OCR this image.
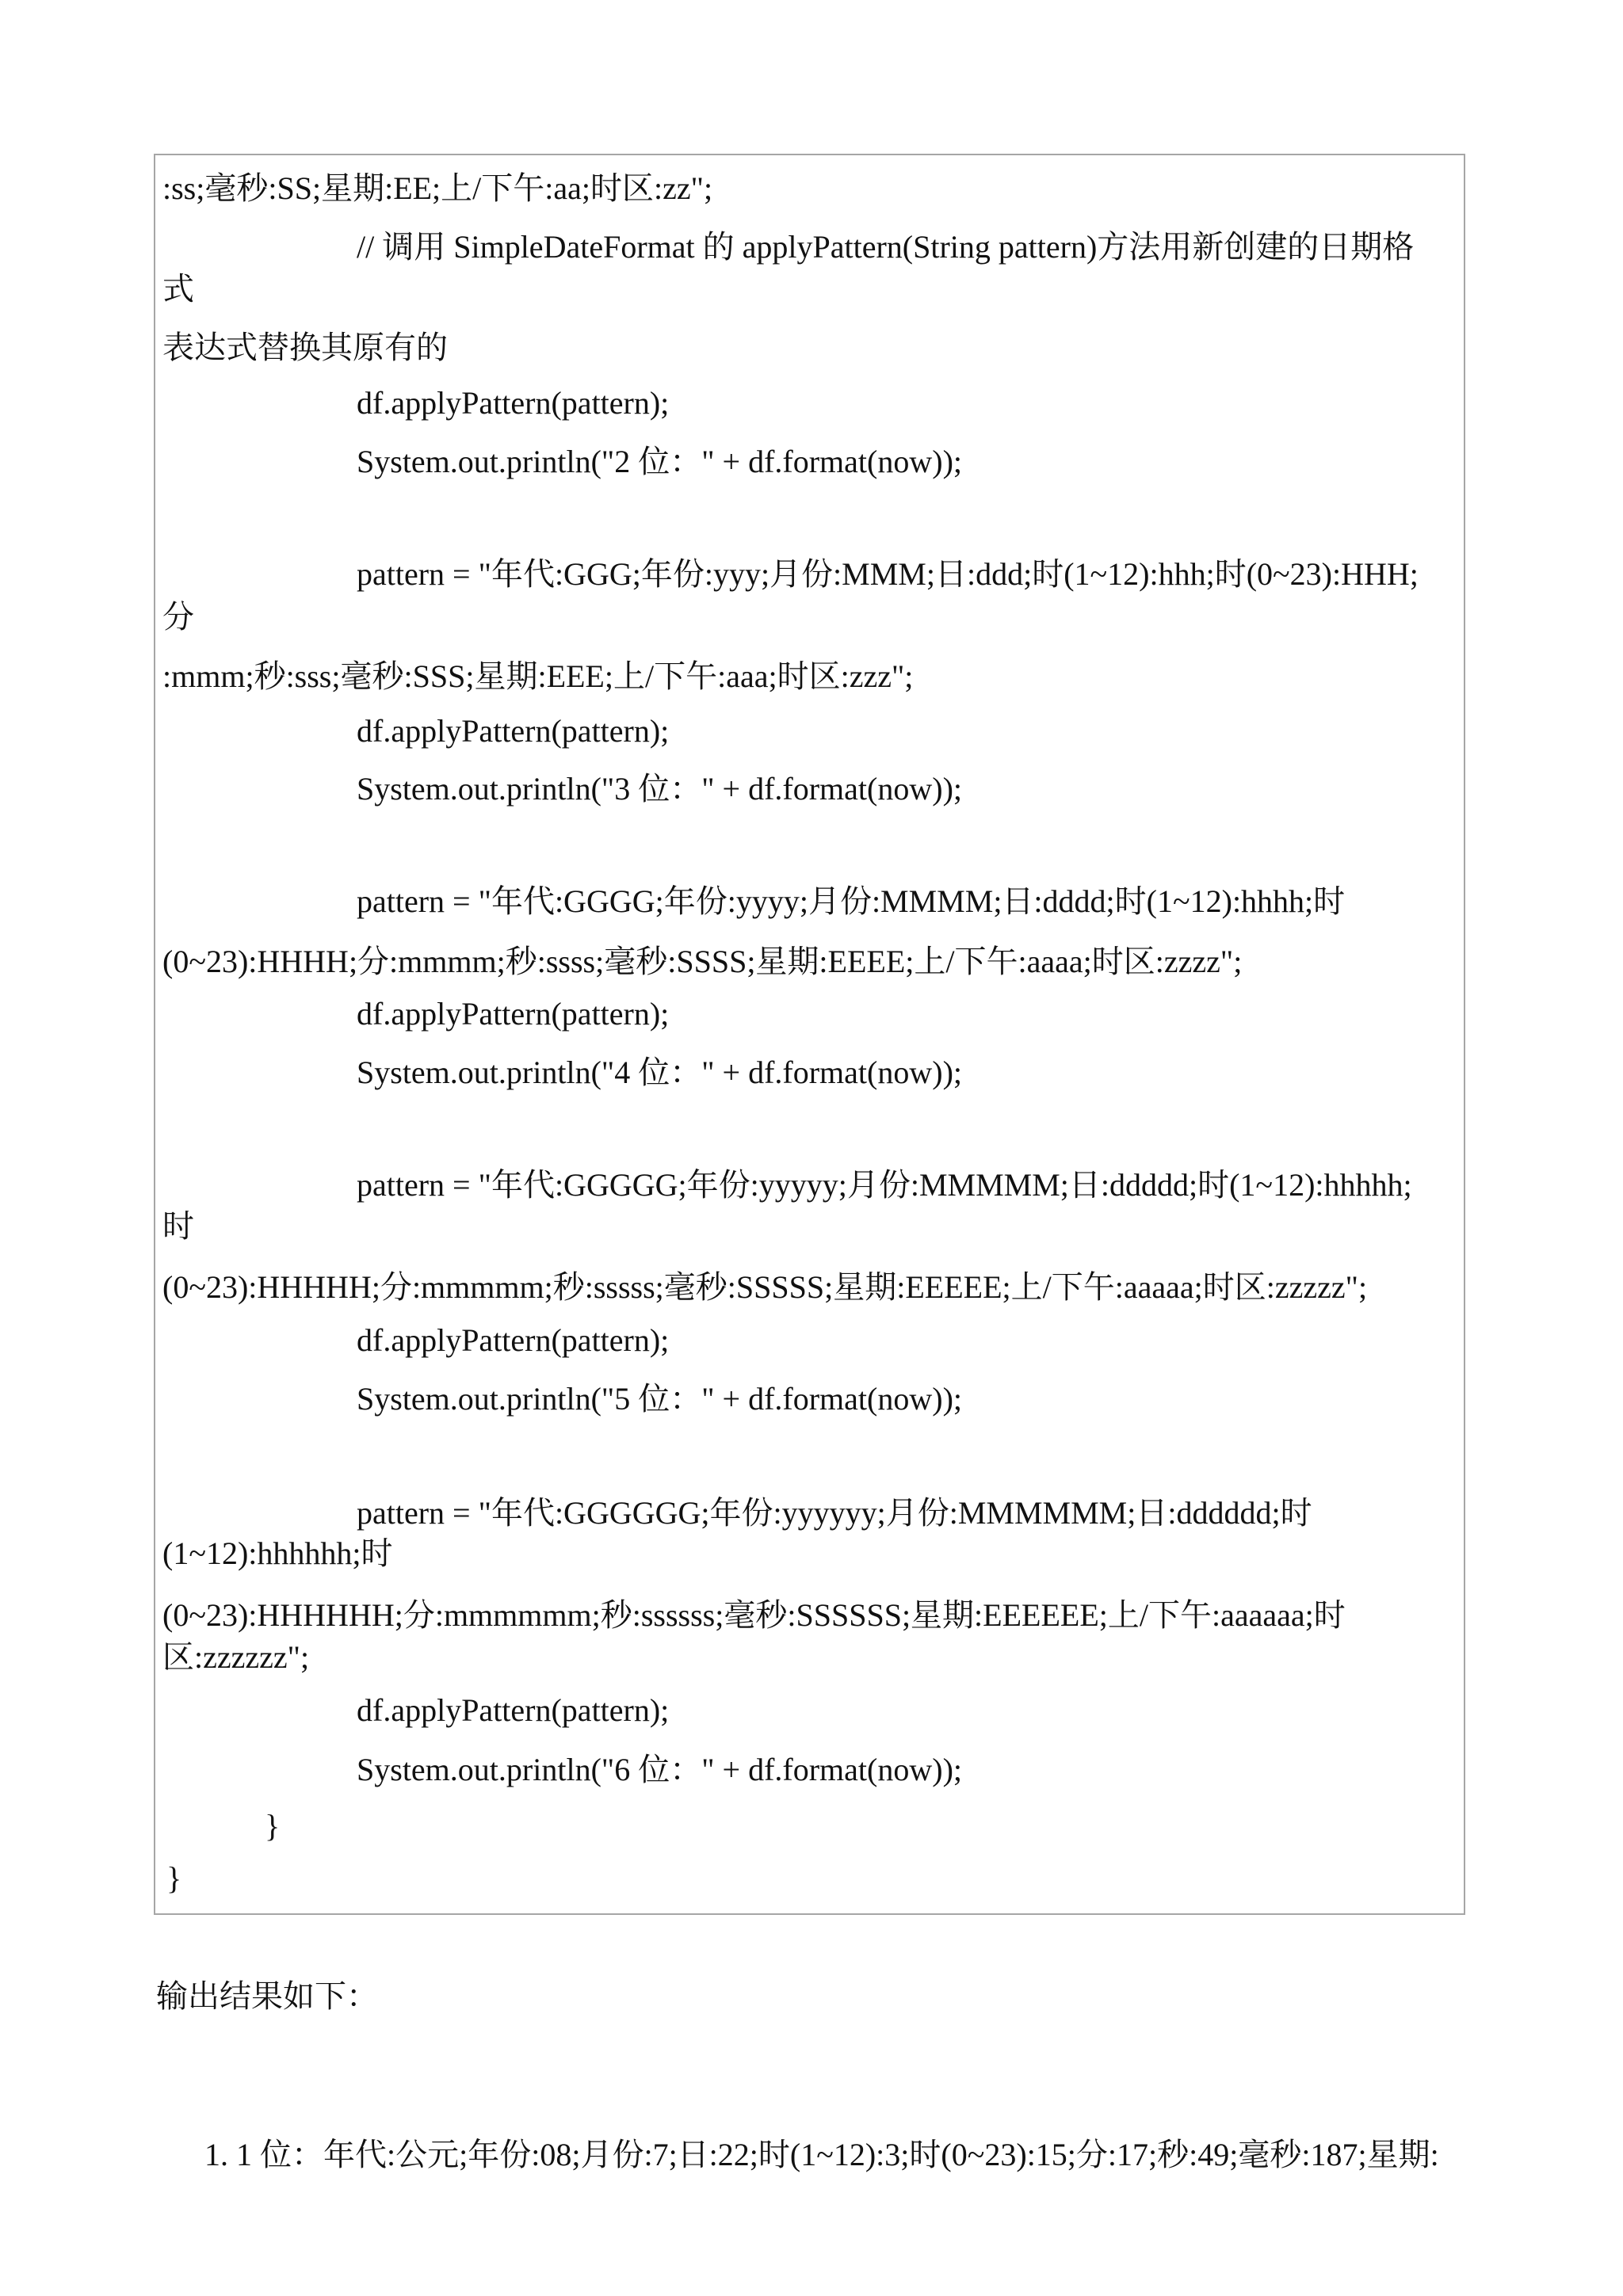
:ss;毫秒:SS;星期:EE;上/下午:aa;时区:zz";
// 调用 SimpleDateFormat 的 applyPattern(String pattern)方法用新创建的日期格
式
表达式替换其原有的
df.applyPattern(pattern);
System.out.println("2 位：" + df.format(now));
pattern = "年代:GGG;年份:yyy;月份:MMM;日:ddd;时(1~12):hhh;时(0~23):HHH;
分
:mmm;秒:sss;毫秒:SSS;星期:EEE;上/下午:aaa;时区:zzz";
df.applyPattern(pattern);
System.out.println("3 位：" + df.format(now));
pattern = "年代:GGGG;年份:yyyy;月份:MMMM;日:dddd;时(1~12):hhhh;时
(0~23):HHHH;分:mmmm;秒:ssss;毫秒:SSSS;星期:EEEE;上/下午:aaaa;时区:zzzz";
df.applyPattern(pattern);
System.out.println("4 位：" + df.format(now));
pattern = "年代:GGGGG;年份:yyyyy;月份:MMMMM;日:ddddd;时(1~12):hhhhh;
时
(0~23):HHHHH;分:mmmmm;秒:sssss;毫秒:SSSSS;星期:EEEEE;上/下午:aaaaa;时区:zzzzz";
df.applyPattern(pattern);
System.out.println("5 位：" + df.format(now));
pattern = "年代:GGGGGG;年份:yyyyyy;月份:MMMMMM;日:dddddd;时
(1~12):hhhhhh;时
(0~23):HHHHHH;分:mmmmmm;秒:ssssss;毫秒:SSSSSS;星期:EEEEEE;上/下午:aaaaaa;时
区:zzzzzz";
df.applyPattern(pattern);
System.out.println("6 位：" + df.format(now));
}
}
输出结果如下：
1. 1 位：年代:公元;年份:08;月份:7;日:22;时(1~12):3;时(0~23):15;分:17;秒:49;毫秒:187;星期:
